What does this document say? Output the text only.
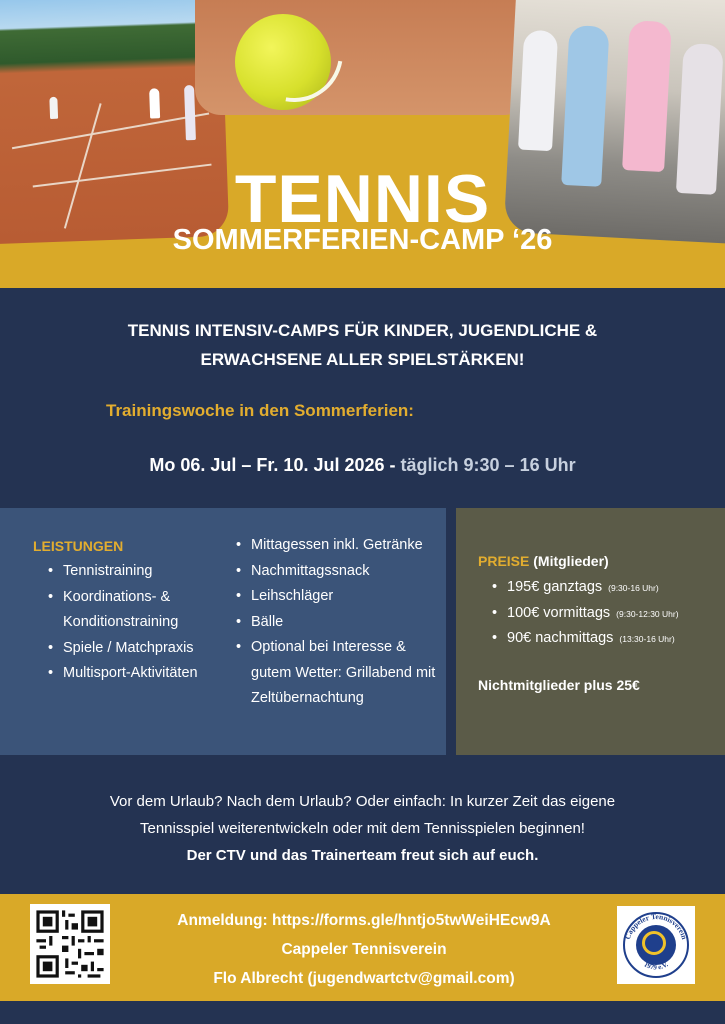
TENNIS
SOMMERFERIEN-CAMP ‘26
TENNIS INTENSIV-CAMPS FÜR KINDER, JUGENDLICHE &
ERWACHSENE ALLER SPIELSTÄRKEN!
Trainingswoche in den Sommerferien:
Mo 06. Jul – Fr. 10. Jul 2026 - täglich 9:30 – 16 Uhr
LEISTUNGEN
• Tennistraining
• Koordinations- & Konditionstraining
• Spiele / Matchpraxis
• Multisport-Aktivitäten
• Mittagessen inkl. Getränke
• Nachmittagssnack
• Leihschläger
• Bälle
• Optional bei Interesse & gutem Wetter: Grillabend mit Zeltübernachtung
PREISE (Mitglieder)
• 195€ ganztags (9:30-16 Uhr)
• 100€ vormittags (9:30-12:30 Uhr)
• 90€ nachmittags (13:30-16 Uhr)
Nichtmitglieder plus 25€
Vor dem Urlaub? Nach dem Urlaub? Oder einfach: In kurzer Zeit das eigene
Tennisspiel weiterentwickeln oder mit dem Tennisspielen beginnen!
Der CTV und das Trainerteam freut sich auf euch.
Anmeldung: https://forms.gle/hntjo5twWeiHEcw9A
Cappeler Tennisverein
Flo Albrecht (jugendwartctv@gmail.com)
Cappeler Tennisverein
1979 e.V.
